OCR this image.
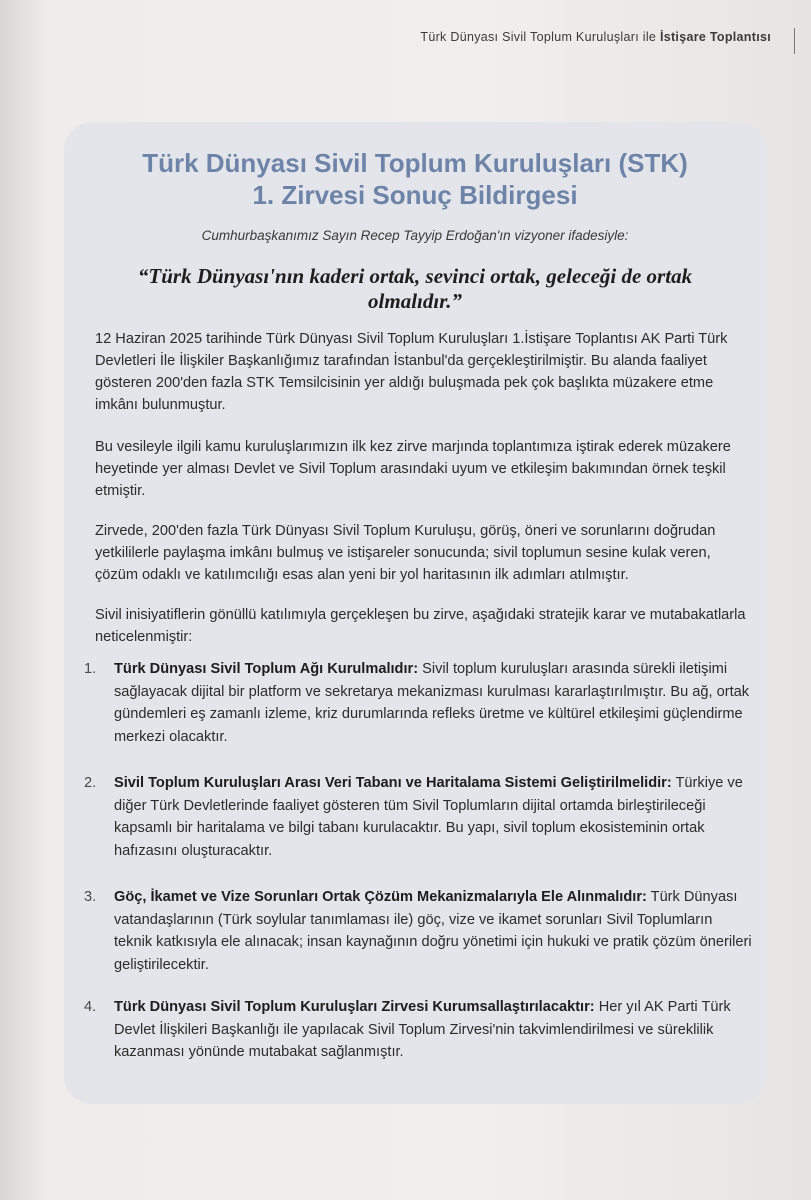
Türk Dünyası Sivil Toplum Kuruluşları ile İstişare Toplantısı
Türk Dünyası Sivil Toplum Kuruluşları (STK)
1. Zirvesi Sonuç Bildirgesi
Cumhurbaşkanımız Sayın Recep Tayyip Erdoğan'ın vizyoner ifadesiyle:
“Türk Dünyası'nın kaderi ortak, sevinci ortak, geleceği de ortak
olmalıdır.”
12 Haziran 2025 tarihinde Türk Dünyası Sivil Toplum Kuruluşları 1.İstişare Toplantısı AK Parti Türk Devletleri İle İlişkiler Başkanlığımız tarafından İstanbul'da gerçekleştirilmiştir. Bu alanda faaliyet gösteren 200'den fazla STK Temsilcisinin yer aldığı buluşmada pek çok başlıkta müzakere etme imkânı bulunmuştur.
Bu vesileyle ilgili kamu kuruluşlarımızın ilk kez zirve marjında toplantımıza iştirak ederek müzakere heyetinde yer alması Devlet ve Sivil Toplum arasındaki uyum ve etkileşim bakımından örnek teşkil etmiştir.
Zirvede, 200'den fazla Türk Dünyası Sivil Toplum Kuruluşu, görüş, öneri ve sorunlarını doğrudan yetkililerle paylaşma imkânı bulmuş ve istişareler sonucunda; sivil toplumun sesine kulak veren, çözüm odaklı ve katılımcılığı esas alan yeni bir yol haritasının ilk adımları atılmıştır.
Sivil inisiyatiflerin gönüllü katılımıyla gerçekleşen bu zirve, aşağıdaki stratejik karar ve mutabakatlarla neticelenmiştir:
1. Türk Dünyası Sivil Toplum Ağı Kurulmalıdır: Sivil toplum kuruluşları arasında sürekli iletişimi sağlayacak dijital bir platform ve sekretarya mekanizması kurulması kararlaştırılmıştır. Bu ağ, ortak gündemleri eş zamanlı izleme, kriz durumlarında refleks üretme ve kültürel etkileşimi güçlendirme merkezi olacaktır.
2. Sivil Toplum Kuruluşları Arası Veri Tabanı ve Haritalama Sistemi Geliştirilmelidir: Türkiye ve diğer Türk Devletlerinde faaliyet gösteren tüm Sivil Toplumların dijital ortamda birleştirileceği kapsamlı bir haritalama ve bilgi tabanı kurulacaktır. Bu yapı, sivil toplum ekosisteminin ortak hafızasını oluşturacaktır.
3. Göç, İkamet ve Vize Sorunları Ortak Çözüm Mekanizmalarıyla Ele Alınmalıdır: Türk Dünyası vatandaşlarının (Türk soylular tanımlaması ile) göç, vize ve ikamet sorunları Sivil Toplumların teknik katkısıyla ele alınacak; insan kaynağının doğru yönetimi için hukuki ve pratik çözüm önerileri geliştirilecektir.
4. Türk Dünyası Sivil Toplum Kuruluşları Zirvesi Kurumsallaştırılacaktır: Her yıl AK Parti Türk Devlet İlişkileri Başkanlığı ile yapılacak Sivil Toplum Zirvesi'nin takvimlendirilmesi ve süreklilik kazanması yönünde mutabakat sağlanmıştır.
